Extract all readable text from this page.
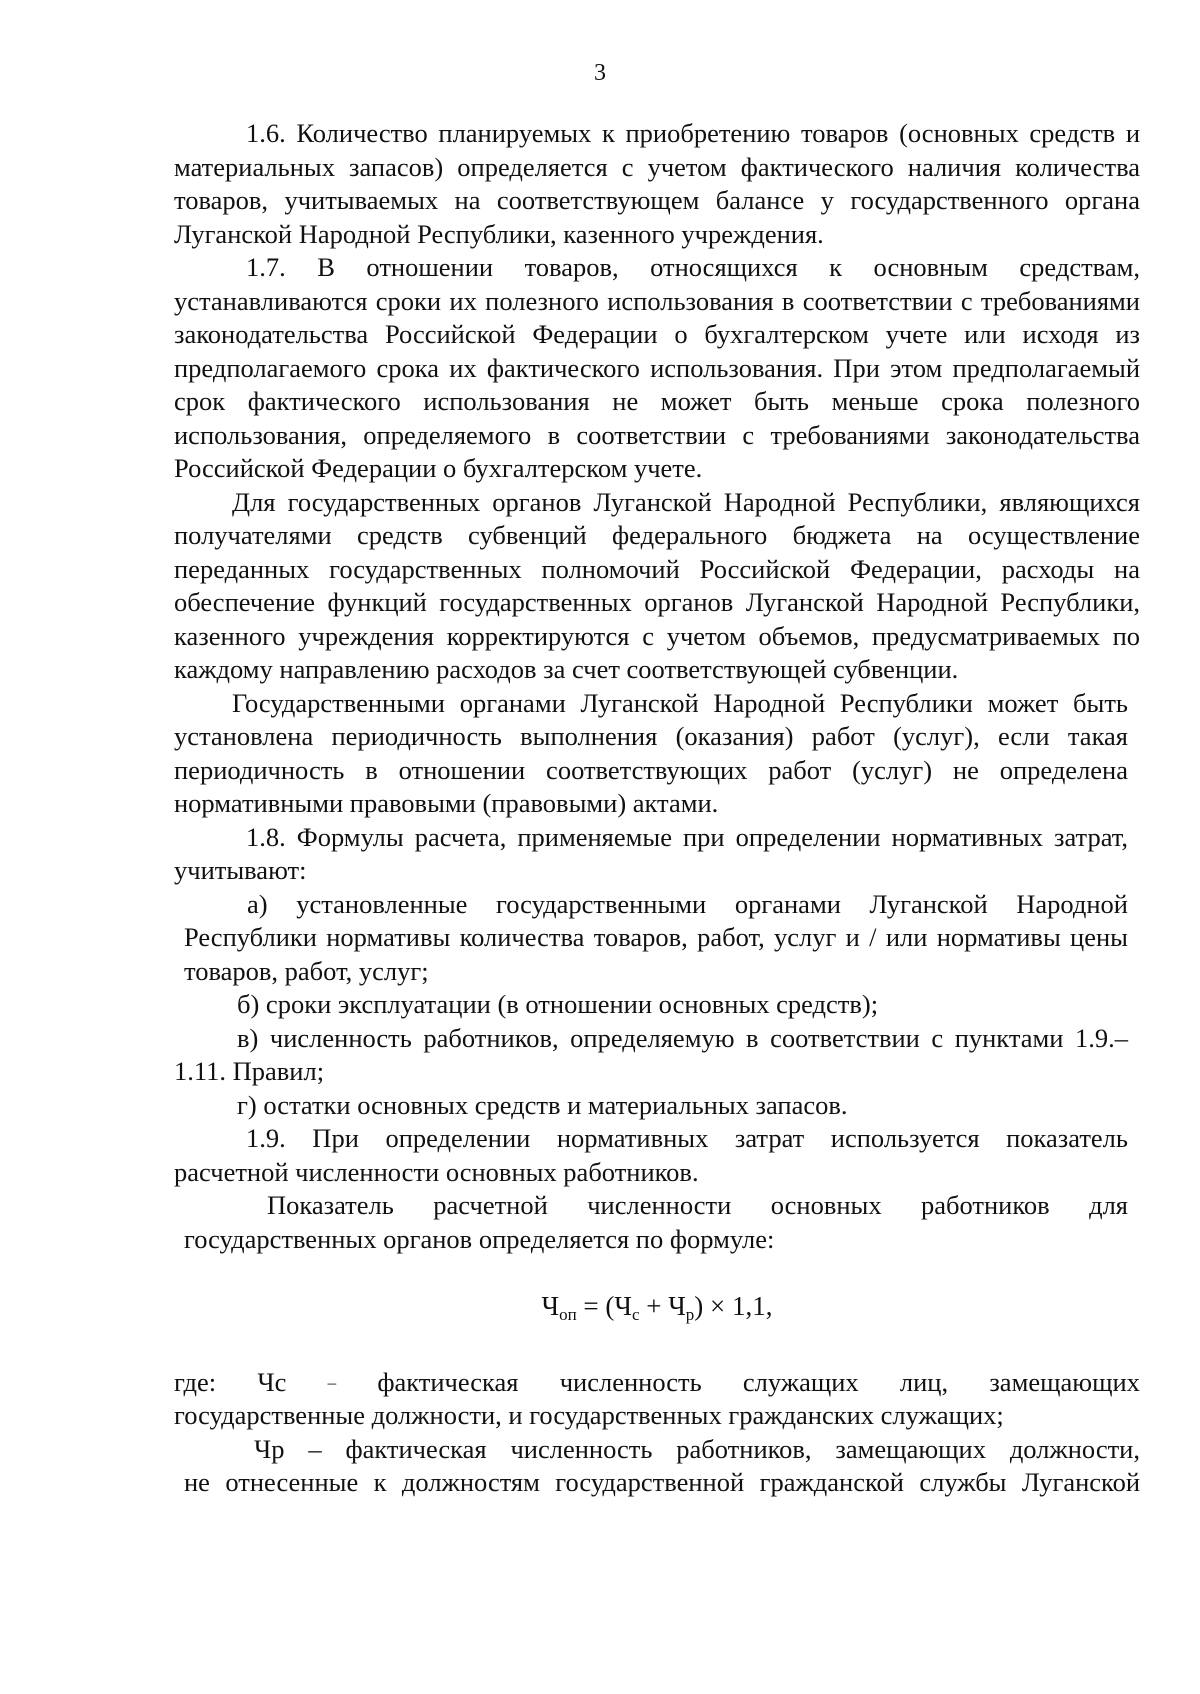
3

1.6. Количество планируемых к приобретению товаров (основных средств и материальных запасов) определяется с учетом фактического наличия количества товаров, учитываемых на соответствующем балансе у государственного органа Луганской Народной Республики, казенного учреждения.

1.7. В отношении товаров, относящихся к основным средствам, устанавливаются сроки их полезного использования в соответствии с требованиями законодательства Российской Федерации о бухгалтерском учете или исходя из предполагаемого срока их фактического использования. При этом предполагаемый срок фактического использования не может быть меньше срока полезного использования, определяемого в соответствии с требованиями законодательства Российской Федерации о бухгалтерском учете.

Для государственных органов Луганской Народной Республики, являющихся получателями средств субвенций федерального бюджета на осуществление переданных государственных полномочий Российской Федерации, расходы на обеспечение функций государственных органов Луганской Народной Республики, казенного учреждения корректируются с учетом объемов, предусматриваемых по каждому направлению расходов за счет соответствующей субвенции.

Государственными органами Луганской Народной Республики может быть установлена периодичность выполнения (оказания) работ (услуг), если такая периодичность в отношении соответствующих работ (услуг) не определена нормативными правовыми (правовыми) актами.

1.8. Формулы расчета, применяемые при определении нормативных затрат, учитывают:

а) установленные государственными органами Луганской Народной Республики нормативы количества товаров, работ, услуг и / или нормативы цены товаров, работ, услуг;

б) сроки эксплуатации (в отношении основных средств);

в) численность работников, определяемую в соответствии с пунктами 1.9.–1.11. Правил;

г) остатки основных средств и материальных запасов.

1.9. При определении нормативных затрат используется показатель расчетной численности основных работников.

Показатель расчетной численности основных работников для государственных органов определяется по формуле:

$Ч_{оп} = (Ч_с + Ч_р) \times 1,1$,
где: Чс – фактическая численность служащих лиц, замещающих

государственные должности, и государственных гражданских служащих;

Чр – фактическая численность работников, замещающих должности,

не отнесенные к должностям государственной гражданской службы Луганской
